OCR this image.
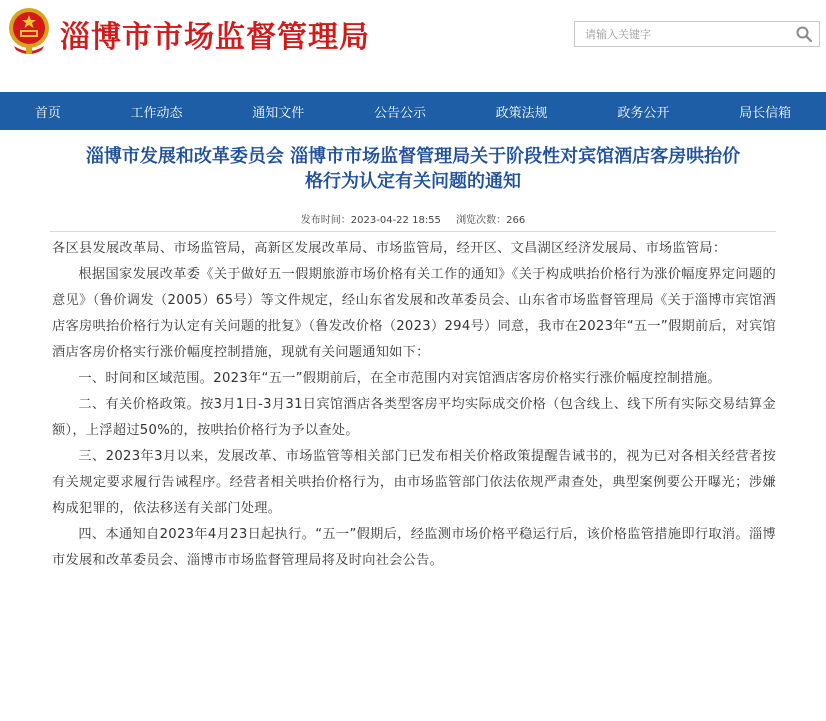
淄博市市场监督管理局
请输入关键字
首页	工作动态	通知文件	公告公示	政策法规	政务公开	局长信箱
淄博市发展和改革委员会 淄博市市场监督管理局关于阶段性对宾馆酒店客房哄抬价
格行为认定有关问题的通知
发布时间：2023-04-22 18:55 浏览次数：266

各区县发展改革局、市场监管局，高新区发展改革局、市场监管局，经开区、文昌湖区经济发展局、市场监管局：

根据国家发展改革委《关于做好五一假期旅游市场价格有关工作的通知》《关于构成哄抬价格行为涨价幅度界定问题的意见》（鲁价调发（2005）65号）等文件规定，经山东省发展和改革委员会、山东省市场监督管理局《关于淄博市宾馆酒店客房哄抬价格行为认定有关问题的批复》（鲁发改价格（2023）294号）同意，我市在2023年“五一”假期前后，对宾馆酒店客房价格实行涨价幅度控制措施，现就有关问题通知如下：

一、时间和区域范围。2023年“五一”假期前后，在全市范围内对宾馆酒店客房价格实行涨价幅度控制措施。

二、有关价格政策。按3月1日-3月31日宾馆酒店各类型客房平均实际成交价格（包含线上、线下所有实际交易结算金额），上浮超过50%的，按哄抬价格行为予以查处。

三、2023年3月以来，发展改革、市场监管等相关部门已发布相关价格政策提醒告诫书的，视为已对各相关经营者按有关规定要求履行告诫程序。经营者相关哄抬价格行为，由市场监管部门依法依规严肃查处，典型案例要公开曝光；涉嫌构成犯罪的，依法移送有关部门处理。

四、本通知自2023年4月23日起执行。“五一”假期后，经监测市场价格平稳运行后，该价格监管措施即行取消。淄博市发展和改革委员会、淄博市市场监督管理局将及时向社会公告。
